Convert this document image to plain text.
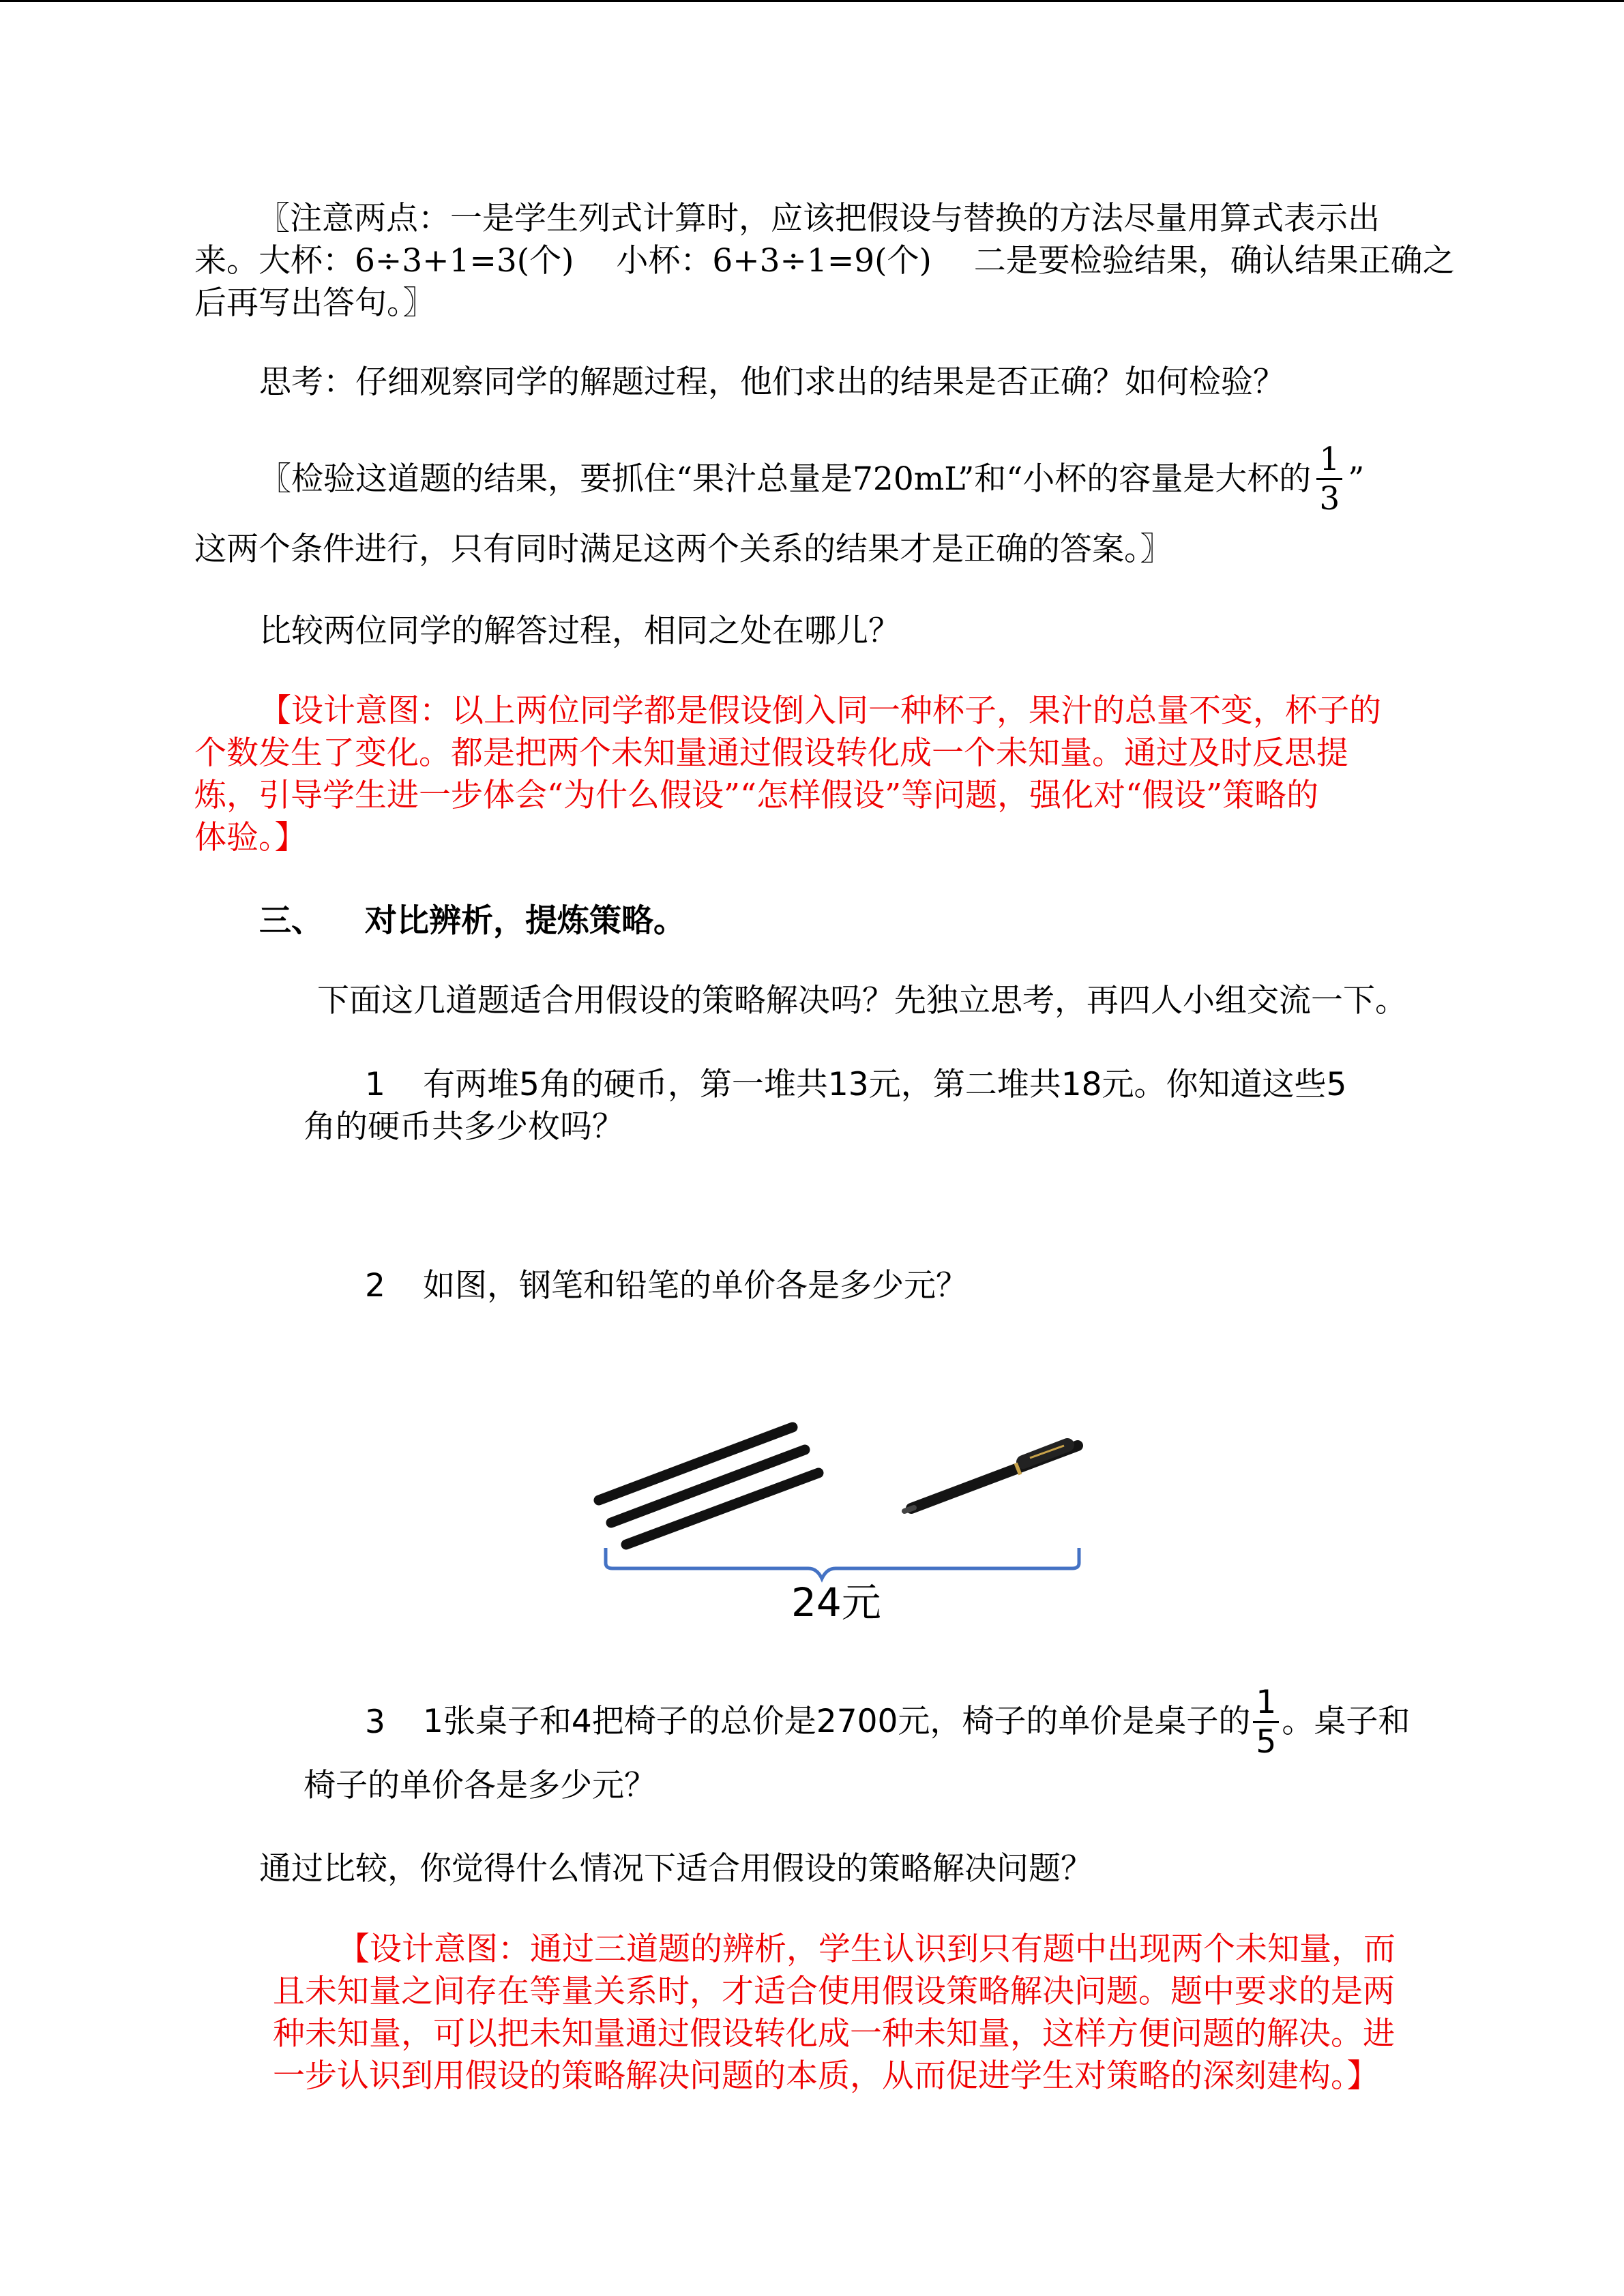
〖注意两点：一是学生列式计算时，应该把假设与替换的方法尽量用算式表示出
来。大杯：6÷3+1=3(个)　 小杯：6+3÷1=9(个)　 二是要检验结果，确认结果正确之
后再写出答句。〗
思考：仔细观察同学的解题过程，他们求出的结果是否正确？如何检验？
〖检验这道题的结果，要抓住“果汁总量是720mL”和“小杯的容量是大杯的 $\frac{1}{3}$ ”
这两个条件进行，只有同时满足这两个关系的结果才是正确的答案。〗
比较两位同学的解答过程，相同之处在哪儿？
【设计意图：以上两位同学都是假设倒入同一种杯子，果汁的总量不变，杯子的
个数发生了变化。都是把两个未知量通过假设转化成一个未知量。通过及时反思提
炼，引导学生进一步体会“为什么假设”“怎样假设”等问题，强化对“假设”策略的
体验。】
三、 对比辨析，提炼策略。
下面这几道题适合用假设的策略解决吗？先独立思考，再四人小组交流一下。
1 有两堆5角的硬币，第一堆共13元，第二堆共18元。你知道这些5
角的硬币共多少枚吗？
2 如图，钢笔和铅笔的单价各是多少元？
24元
3 1张桌子和4把椅子的总价是2700元，椅子的单价是桌子的 $\frac{1}{5}$ 。桌子和
椅子的单价各是多少元？
通过比较，你觉得什么情况下适合用假设的策略解决问题？
【设计意图：通过三道题的辨析，学生认识到只有题中出现两个未知量，而
且未知量之间存在等量关系时，才适合使用假设策略解决问题。题中要求的是两
种未知量，可以把未知量通过假设转化成一种未知量，这样方便问题的解决。进
一步认识到用假设的策略解决问题的本质，从而促进学生对策略的深刻建构。】
